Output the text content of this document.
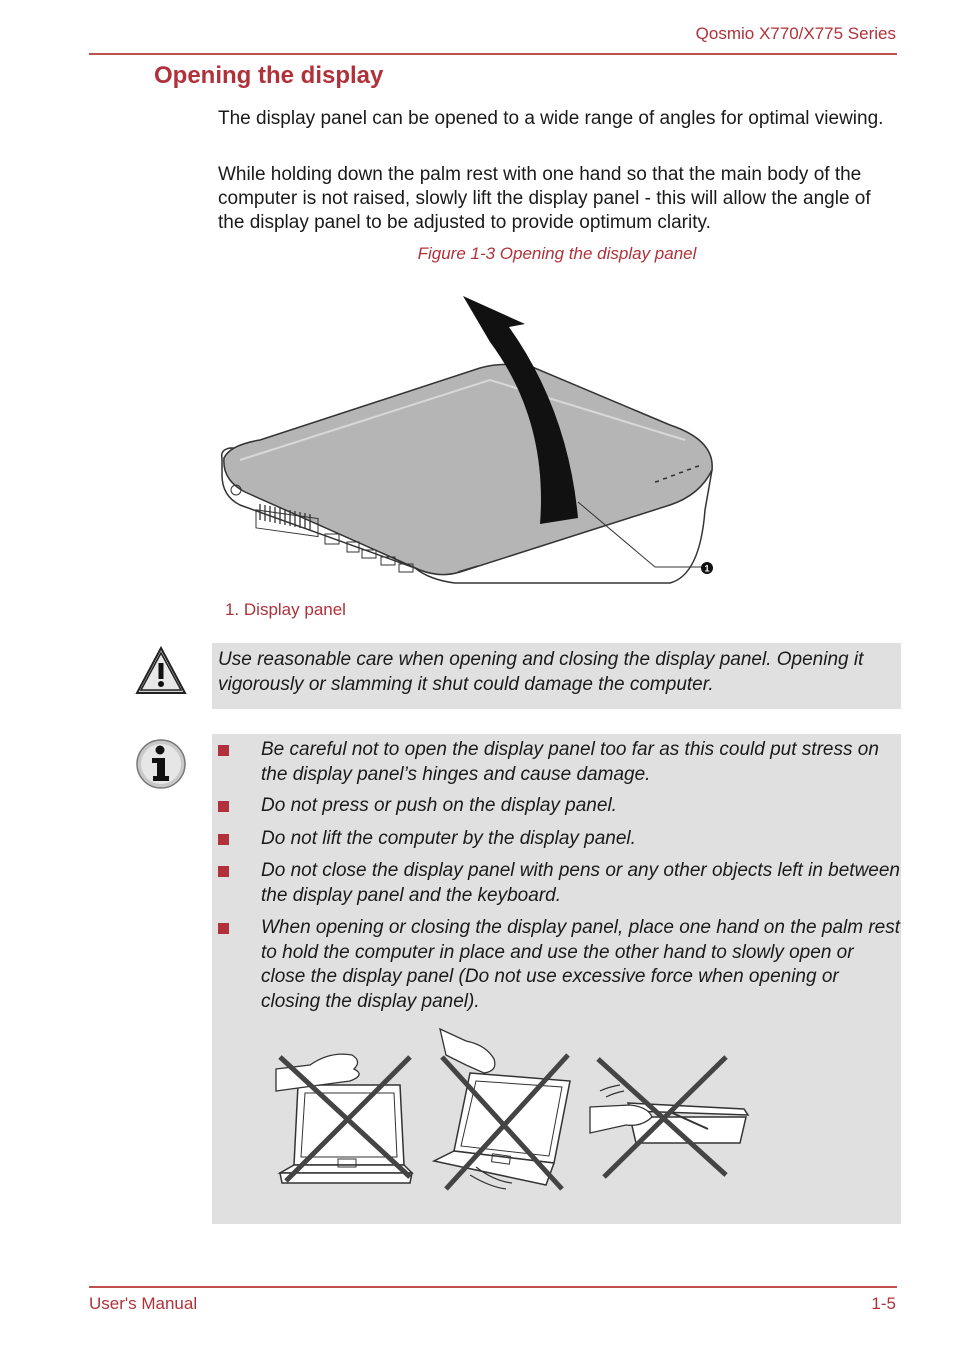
Qosmio X770/X775 Series
Opening the display
The display panel can be opened to a wide range of angles for optimal viewing.
While holding down the palm rest with one hand so that the main body of the computer is not raised, slowly lift the display panel - this will allow the angle of the display panel to be adjusted to provide optimum clarity.
Figure 1-3 Opening the display panel
1
1. Display panel
Use reasonable care when opening and closing the display panel. Opening it vigorously or slamming it shut could damage the computer.
Be careful not to open the display panel too far as this could put stress on the display panel’s hinges and cause damage.
Do not press or push on the display panel.
Do not lift the computer by the display panel.
Do not close the display panel with pens or any other objects left in between the display panel and the keyboard.
When opening or closing the display panel, place one hand on the palm rest to hold the computer in place and use the other hand to slowly open or close the display panel (Do not use excessive force when opening or closing the display panel).
User's Manual	1-5
